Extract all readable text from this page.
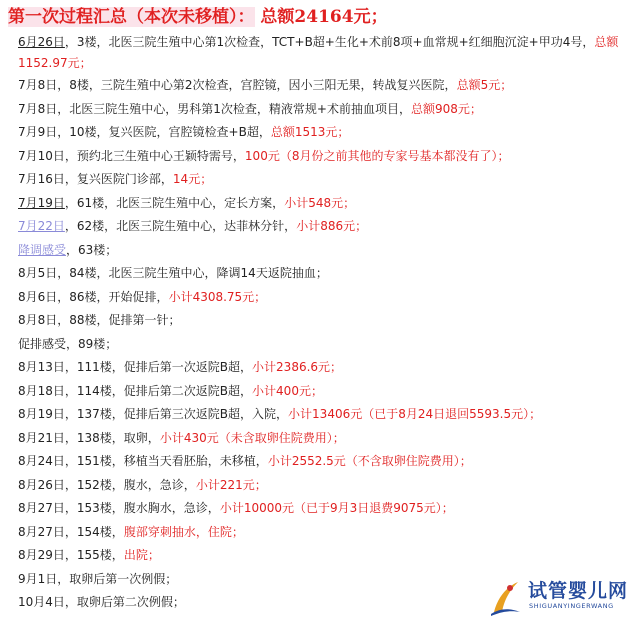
第一次过程汇总（本次未移植）： 总额24164元；
6月26日，3楼，北医三院生殖中心第1次检查，TCT+B超+生化+术前8项+血常规+红细胞沉淀+甲功4号，总额1152.97元；
7月8日，8楼，三院生殖中心第2次检查，宫腔镜，因小三阳无果，转战复兴医院，总额5元；
7月8日，北医三院生殖中心，男科第1次检查，精液常规+术前抽血项目，总额908元；
7月9日，10楼，复兴医院，宫腔镜检查+B超，总额1513元；
7月10日，预约北三生殖中心王颖特需号，100元（8月份之前其他的专家号基本都没有了）；
7月16日，复兴医院门诊部，14元；
7月19日，61楼，北医三院生殖中心，定长方案，小计548元；
7月22日，62楼，北医三院生殖中心，达菲林分针，小计886元；
降调感受，63楼；
8月5日，84楼，北医三院生殖中心，降调14天返院抽血；
8月6日，86楼，开始促排，小计4308.75元；
8月8日，88楼，促排第一针；
促排感受，89楼；
8月13日，111楼，促排后第一次返院B超，小计2386.6元；
8月18日，114楼，促排后第二次返院B超，小计400元；
8月19日，137楼，促排后第三次返院B超，入院，小计13406元（已于8月24日退回5593.5元）；
8月21日，138楼，取卵，小计430元（未含取卵住院费用）；
8月24日，151楼，移植当天看胚胎，未移植，小计2552.5元（不含取卵住院费用）；
8月26日，152楼，腹水，急诊，小计221元；
8月27日，153楼，腹水胸水，急诊，小计10000元（已于9月3日退费9075元）；
8月27日，154楼，腹部穿刺抽水，住院；
8月29日，155楼，出院；
9月1日，取卵后第一次例假；
10月4日，取卵后第二次例假；	试管婴儿网
SHIGUANYINGERWANG
